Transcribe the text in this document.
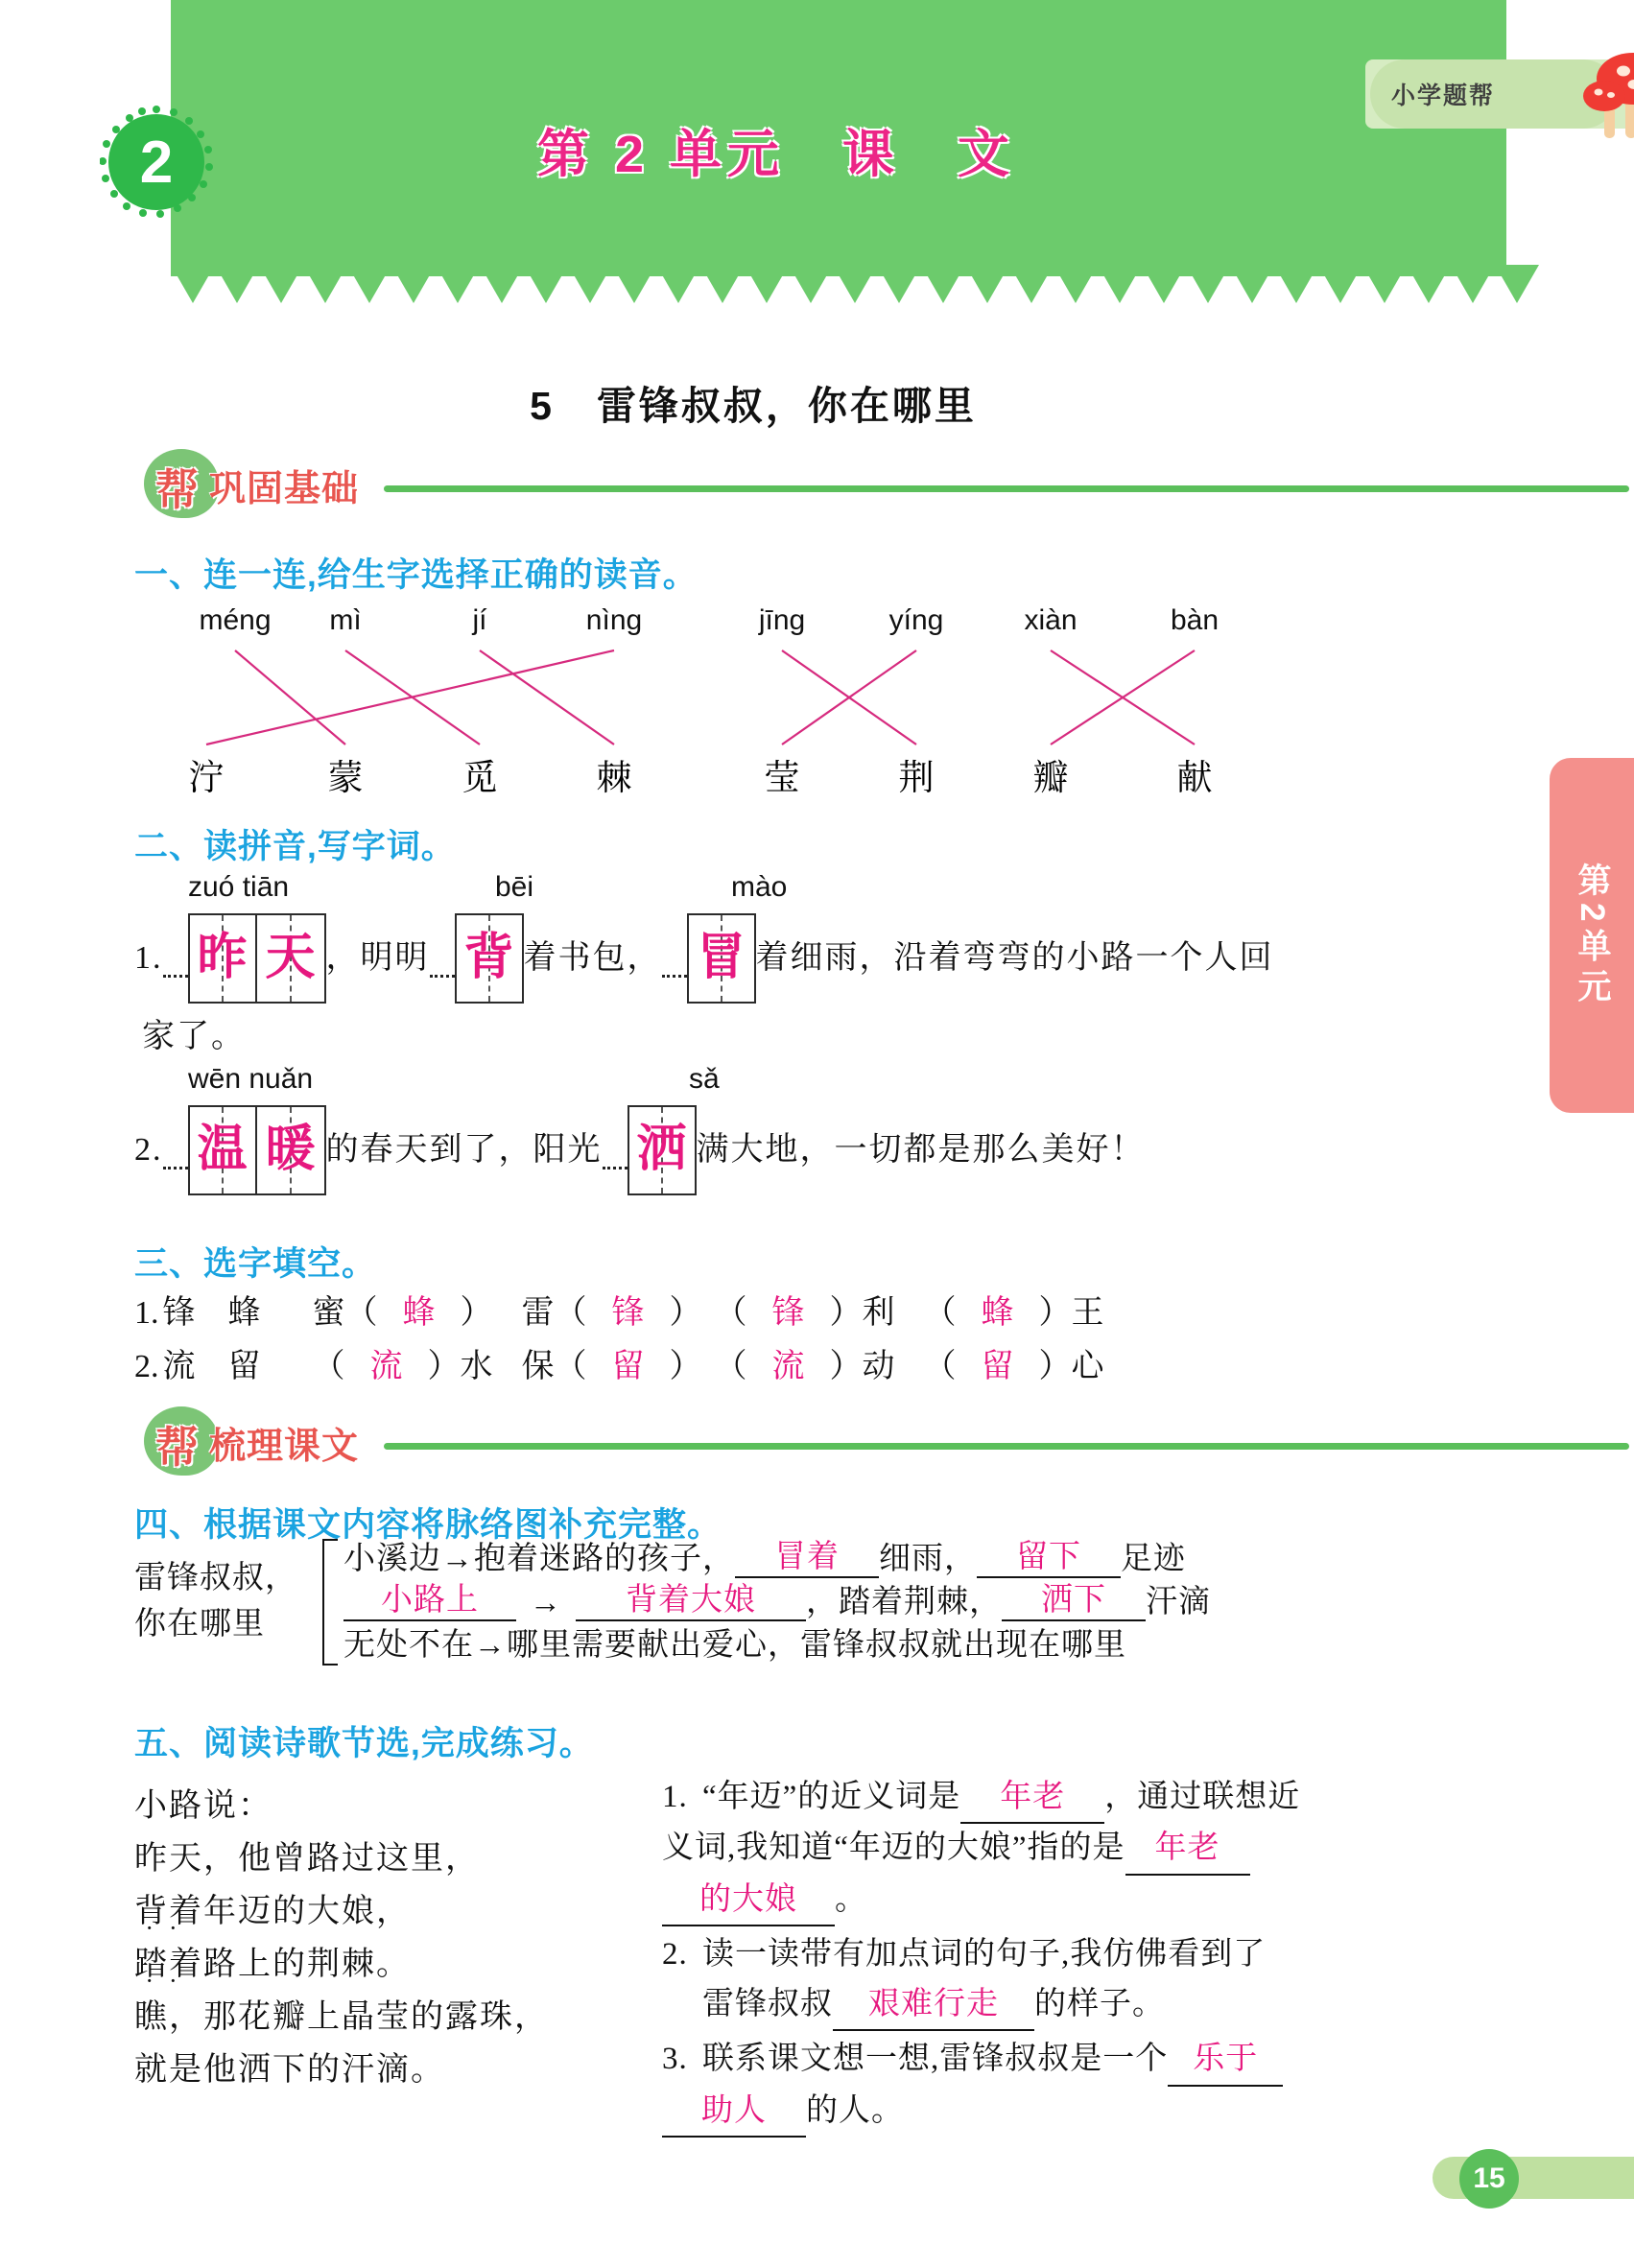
小学题帮
2	第 2 单元　课　文
5　雷锋叔叔，你在哪里
帮 巩固基础
一、连一连,给生字选择正确的读音。
méng mì	jí	nìng	jīng	yíng	xiàn	bàn
泞	蒙	觅	棘	莹	荆	瓣	献
二、读拼音,写字词。
zuó tiān	bēi	mào
1. 昨 天 ，明明 背 着书包， 冒 着细雨，沿着弯弯的小路一个人回
家了。
wēn nuǎn	sǎ
2. 温 暖 的春天到了，阳光 洒 满大地，一切都是那么美好！
三、选字填空。
1. 锋　蜂 蜜（ 蜂 ） 雷（ 锋 ） （ 锋 ）利 （ 蜂 ）王
2. 流　留 （ 流 ）水 保（ 留 ） （ 流 ）动 （ 留 ）心
帮 梳理课文
四、根据课文内容将脉络图补充完整。
雷锋叔叔，
你在哪里
小溪边→抱着迷路的孩子，	冒着	细雨，	留下	足迹
小路上	→	背着大娘	，踏着荆棘，	洒下	汗滴
无处不在→哪里需要献出爱心，雷锋叔叔就出现在哪里
五、阅读诗歌节选,完成练习。
小路说：
昨天，他曾路过这里，
背着 ··年迈的大娘，
踏着 ··路上的荆棘。
瞧，那花瓣上晶莹的露珠，
就是他洒下的汗滴。
1. “年迈”的近义词是 年老 ，通过联想近
义词,我知道“年迈的大娘”指的是 年老
的大娘 。
2. 读一读带有加点词的句子,我仿佛看到了
雷锋叔叔 艰难行走 的样子。
3. 联系课文想一想,雷锋叔叔是一个 乐于
助人 的人。
第2单元
15
